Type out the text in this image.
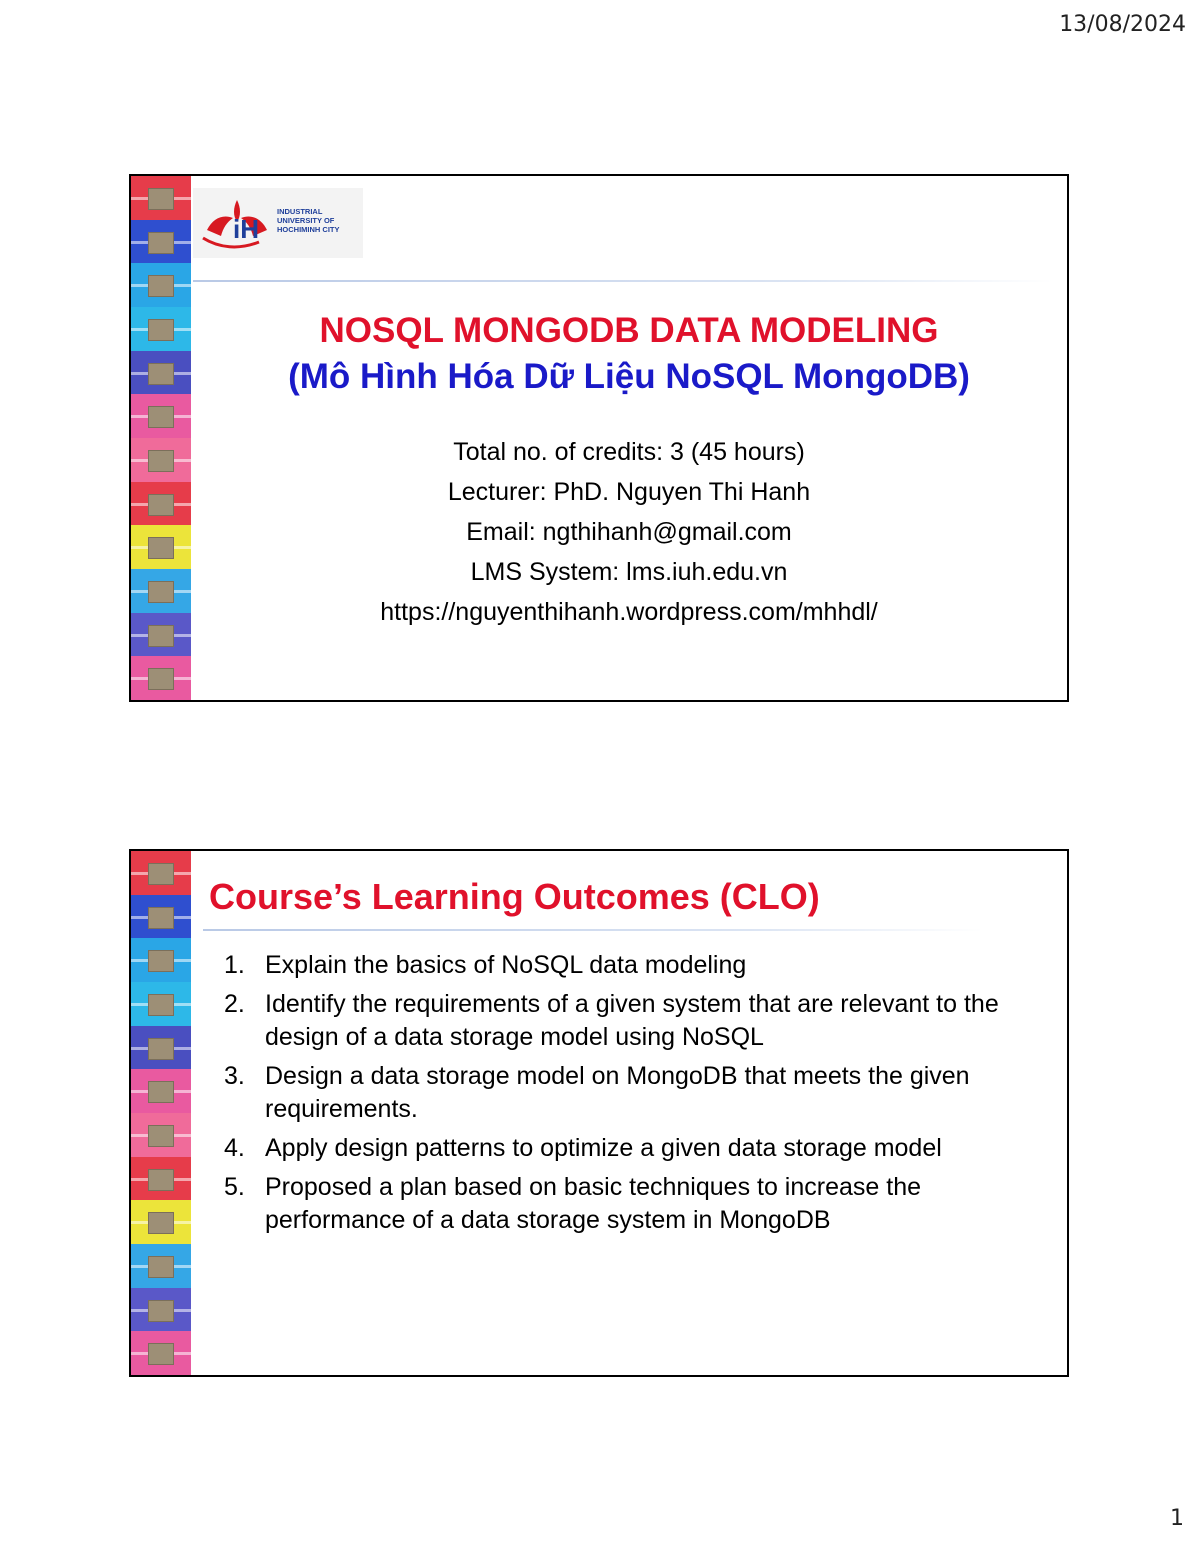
13/08/2024
iH
INDUSTRIAL
UNIVERSITY OF
HOCHIMINH CITY
NOSQL MONGODB DATA MODELING
(Mô Hình Hóa Dữ Liệu NoSQL MongoDB)
Total no. of credits: 3 (45 hours)
Lecturer: PhD. Nguyen Thi Hanh
Email: ngthihanh@gmail.com
LMS System: lms.iuh.edu.vn
https://nguyenthihanh.wordpress.com/mhhdl/
Course’s Learning Outcomes (CLO)
1. Explain the basics of NoSQL data modeling
2. Identify the requirements of a given system that are relevant to the design of a data storage model using NoSQL
3. Design a data storage model on MongoDB that meets the given requirements.
4. Apply design patterns to optimize a given data storage model
5. Proposed a plan based on basic techniques to increase the performance of a data storage system in MongoDB
1
